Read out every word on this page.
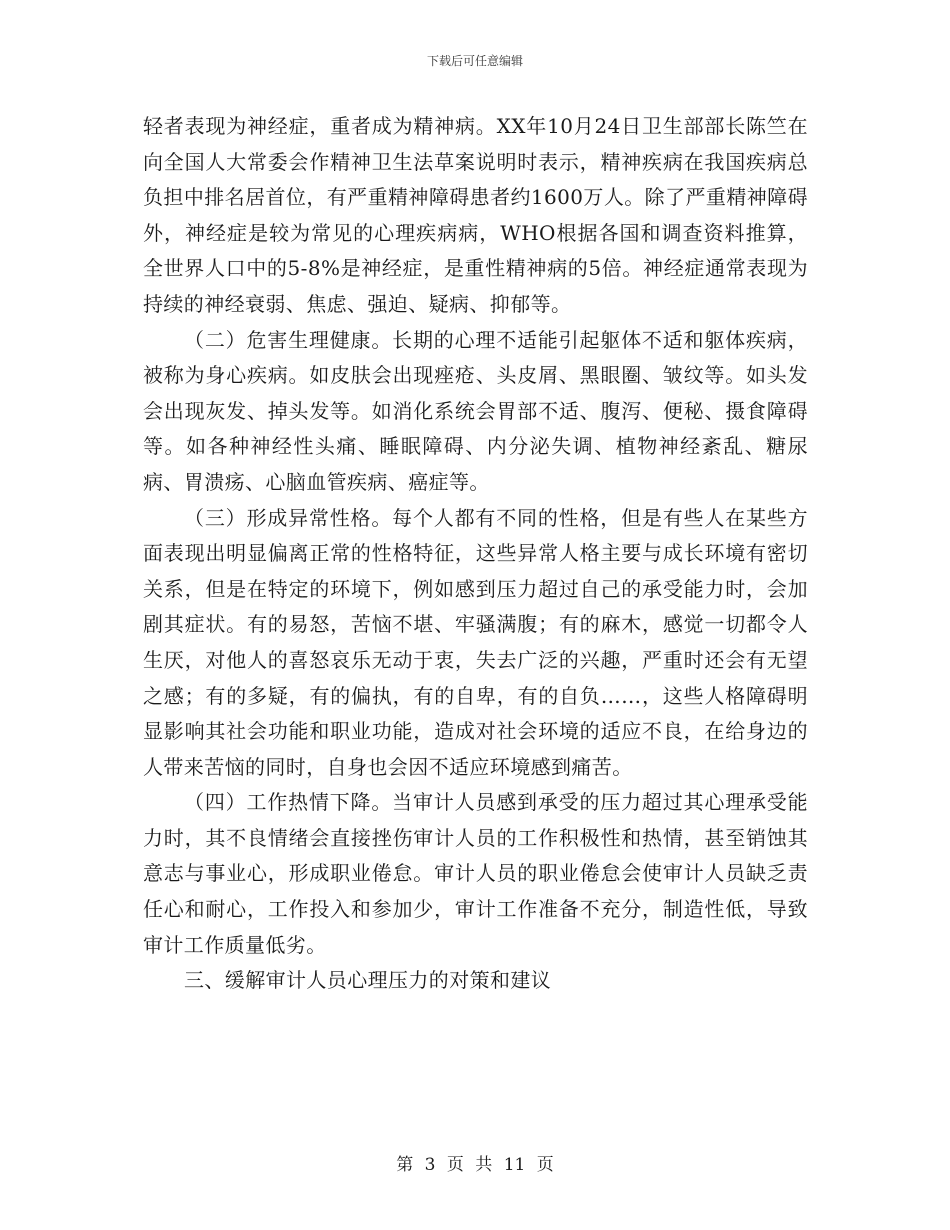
下载后可任意编辑

轻者表现为神经症，重者成为精神病。XX年10月24日卫生部部长陈竺在向全国人大常委会作精神卫生法草案说明时表示，精神疾病在我国疾病总负担中排名居首位，有严重精神障碍患者约1600万人。除了严重精神障碍外，神经症是较为常见的心理疾病病，WHO根据各国和调查资料推算，全世界人口中的5-8%是神经症，是重性精神病的5倍。神经症通常表现为持续的神经衰弱、焦虑、强迫、疑病、抑郁等。

（二）危害生理健康。长期的心理不适能引起躯体不适和躯体疾病，被称为身心疾病。如皮肤会出现痤疮、头皮屑、黑眼圈、皱纹等。如头发会出现灰发、掉头发等。如消化系统会胃部不适、腹泻、便秘、摄食障碍等。如各种神经性头痛、睡眠障碍、内分泌失调、植物神经紊乱、糖尿病、胃溃疡、心脑血管疾病、癌症等。

（三）形成异常性格。每个人都有不同的性格，但是有些人在某些方面表现出明显偏离正常的性格特征，这些异常人格主要与成长环境有密切关系，但是在特定的环境下，例如感到压力超过自己的承受能力时，会加剧其症状。有的易怒，苦恼不堪、牢骚满腹；有的麻木，感觉一切都令人生厌，对他人的喜怒哀乐无动于衷，失去广泛的兴趣，严重时还会有无望之感；有的多疑，有的偏执，有的自卑，有的自负……，这些人格障碍明显影响其社会功能和职业功能，造成对社会环境的适应不良，在给身边的人带来苦恼的同时，自身也会因不适应环境感到痛苦。

（四）工作热情下降。当审计人员感到承受的压力超过其心理承受能力时，其不良情绪会直接挫伤审计人员的工作积极性和热情，甚至销蚀其意志与事业心，形成职业倦怠。审计人员的职业倦怠会使审计人员缺乏责任心和耐心，工作投入和参加少，审计工作准备不充分，制造性低，导致审计工作质量低劣。

三、缓解审计人员心理压力的对策和建议

第 3 页 共 11 页
